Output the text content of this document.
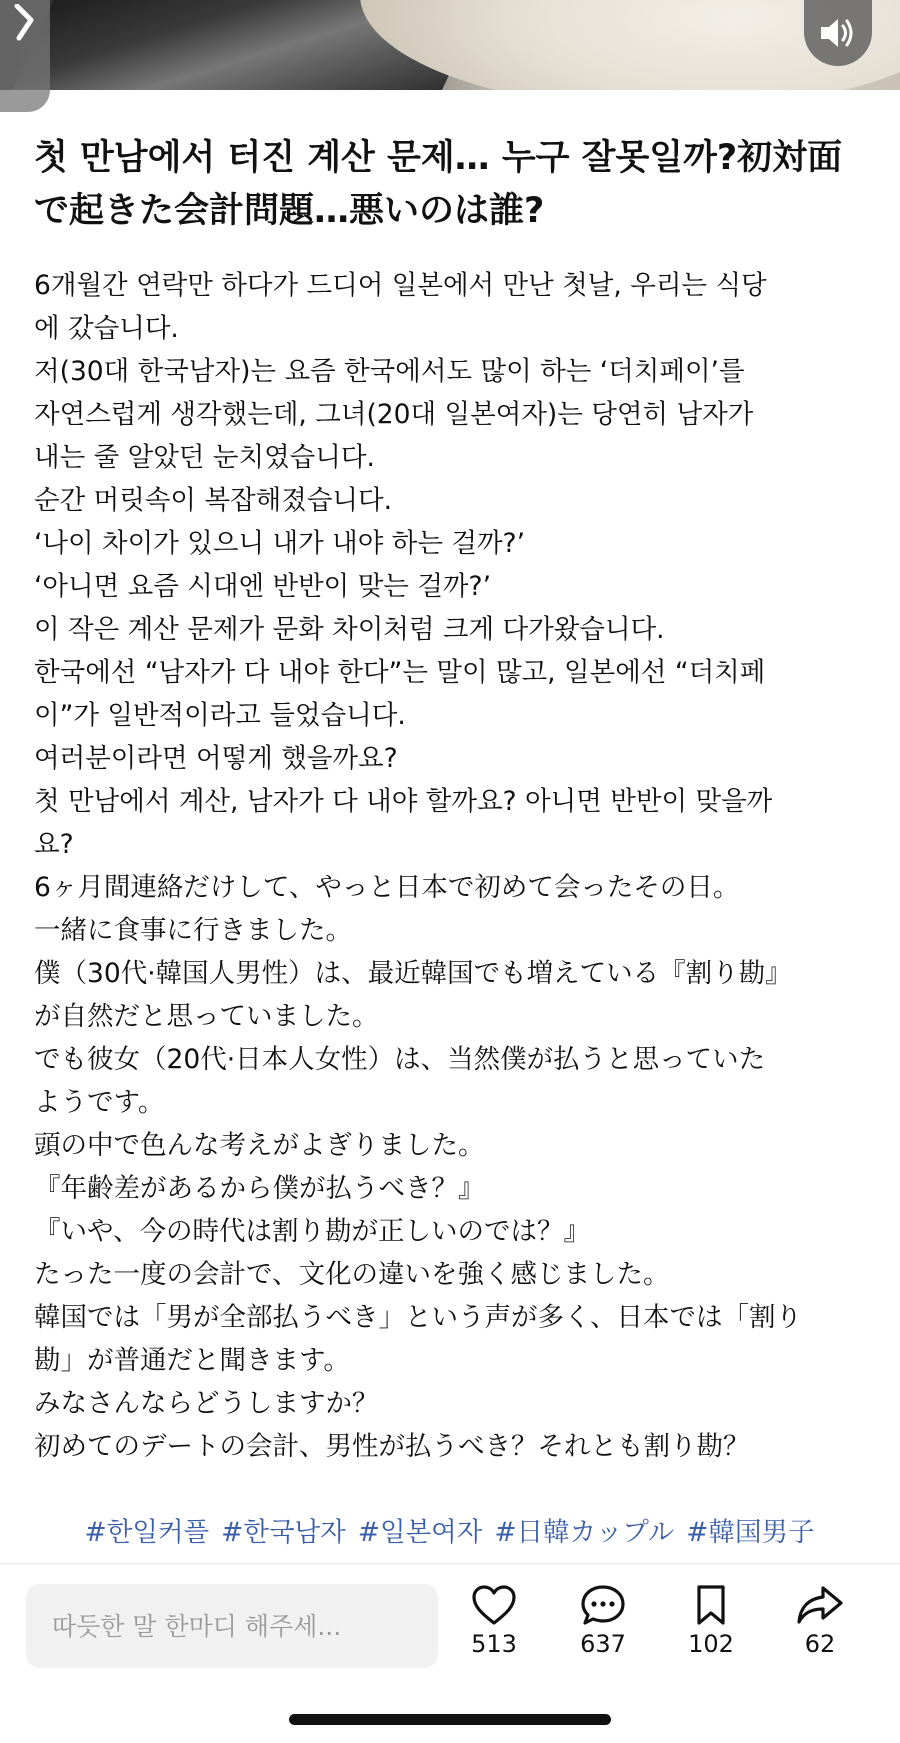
첫 만남에서 터진 계산 문제… 누구 잘못일까?初対面で起きた会計問題…悪いのは誰?

6개월간 연락만 하다가 드디어 일본에서 만난 첫날, 우리는 식당

에 갔습니다.

저(30대 한국남자)는 요즘 한국에서도 많이 하는 ‘더치페이’를

자연스럽게 생각했는데, 그녀(20대 일본여자)는 당연히 남자가

내는 줄 알았던 눈치였습니다.

순간 머릿속이 복잡해졌습니다.

‘나이 차이가 있으니 내가 내야 하는 걸까?’

‘아니면 요즘 시대엔 반반이 맞는 걸까?’

이 작은 계산 문제가 문화 차이처럼 크게 다가왔습니다.

한국에선 “남자가 다 내야 한다”는 말이 많고, 일본에선 “더치페

이”가 일반적이라고 들었습니다.

여러분이라면 어떻게 했을까요?

첫 만남에서 계산, 남자가 다 내야 할까요? 아니면 반반이 맞을까

요?

6ヶ月間連絡だけして、やっと日本で初めて会ったその日。

一緒に食事に行きました。

僕（30代·韓国人男性）は、最近韓国でも増えている『割り勘』

が自然だと思っていました。

でも彼女（20代·日本人女性）は、当然僕が払うと思っていた

ようです。

頭の中で色んな考えがよぎりました。

『年齢差があるから僕が払うべき？』

『いや、今の時代は割り勘が正しいのでは？』

たった一度の会計で、文化の違いを強く感じました。

韓国では「男が全部払うべき」という声が多く、日本では「割り

勘」が普通だと聞きます。

みなさんならどうしますか？

初めてのデートの会計、男性が払うべき？それとも割り勘？

#한일커플 #한국남자 #일본여자 #日韓カップル #韓国男子

따듯한 말 한마디 해주세...
513	637	102	62
